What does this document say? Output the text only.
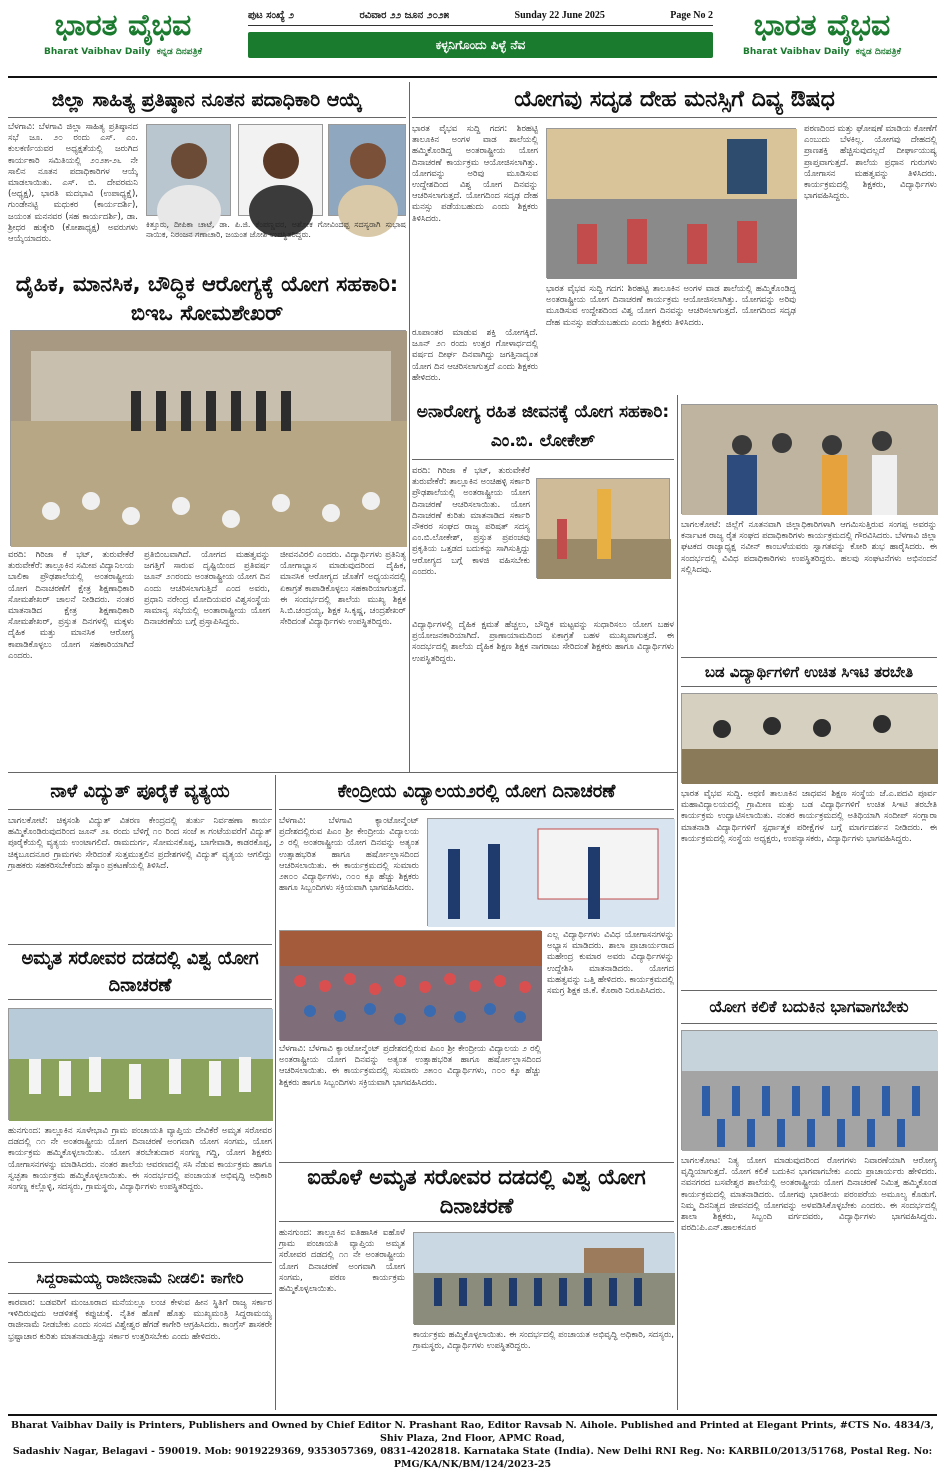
ಭಾರತ ವೈಭವ
Bharat Vaibhav Daily ಕನ್ನಡ ದಿನಪತ್ರಿಕೆ
ಪುಟ ಸಂಖ್ಯೆ ೨	ರವಿವಾರ ೨೨ ಜೂನ ೨೦೨೫	Sunday 22 June 2025	Page No 2
ಕಳ್ಳನಿಗೊಂದು ಪಿಳ್ಳೆ ನೆವ
ಭಾರತ ವೈಭವ
Bharat Vaibhav Daily ಕನ್ನಡ ದಿನಪತ್ರಿಕೆ
ಜಿಲ್ಲಾ ಸಾಹಿತ್ಯ ಪ್ರತಿಷ್ಠಾನ ನೂತನ ಪದಾಧಿಕಾರಿ ಆಯ್ಕೆ
ಬೆಳಗಾವಿ: ಬೆಳಗಾವಿ ಜಿಲ್ಲಾ ಸಾಹಿತ್ಯ ಪ್ರತಿಷ್ಠಾನದ ಸಭೆ ಜೂ. ೨೦ ರಂದು ಎಸ್. ಎಂ. ಕುಲಕರ್ಣಿಯವರ ಅಧ್ಯಕ್ಷತೆಯಲ್ಲಿ ಜರುಗಿದ ಕಾರ್ಯಕಾರಿ ಸಮಿತಿಯಲ್ಲಿ ೨೦೨೫-೨೬ ನೇ ಸಾಲಿನ ನೂತನ ಪದಾಧಿಕಾರಿಗಳ ಆಯ್ಕೆ ಮಾಡಲಾಯಿತು. ಎಸ್. ಬಿ. ದೇವರಮನಿ (ಅಧ್ಯಕ್ಷ), ಭಾರತಿ ಮದಭಾವಿ (ಉಪಾಧ್ಯಕ್ಷೆ), ಗುಂಡೇನಟ್ಟಿ ಮಧುಕರ (ಕಾರ್ಯದರ್ಶಿ), ಜಯಂತ ಮನನವರ (ಸಹ ಕಾರ್ಯದರ್ಶಿ), ಡಾ. ಶ್ರೀಧರ ಹುಕ್ಕೇರಿ (ಕೋಶಾಧ್ಯಕ್ಷ) ಅವರುಗಳು ಆಯ್ಕೆಯಾದರು.
ಕಿತ್ತೂರು, ದೀಪಿಕಾ ಚಾಟೆ, ಡಾ. ಪಿ.ಜಿ. ಕೆಂಪಣ್ಣವರ, ಅಶೋಕ ಗೋವಿಂದಪ್ಪ ಸದಸ್ಯರಾಗಿ ಸುಭಾಷ ನಾಯಿಕ, ನಿರಂಜನ ಗಣಾಚಾರಿ, ಜಯಂತ ಜೋಶಿ ಉಪಸ್ಥಿತರಿದ್ದರು.
ದೈಹಿಕ, ಮಾನಸಿಕ, ಬೌದ್ಧಿಕ ಆರೋಗ್ಯಕ್ಕೆ ಯೋಗ ಸಹಕಾರಿ: ಬಿಇಒ ಸೋಮಶೇಖರ್
ವರದಿ: ಗಿರಿಜಾ ಕೆ ಭಟ್, ತುರುವೇಕೆರೆ ತುರುವೇಕೆರೆ: ತಾಲ್ಲೂಕಿನ ಸಮೀಪ ವಿದ್ಯಾನಿಲಯ ಬಾಲಿಕಾ ಪ್ರೌಢಶಾಲೆಯಲ್ಲಿ ಅಂತರಾಷ್ಟ್ರೀಯ ಯೋಗ ದಿನಾಚರಣೆಗೆ ಕ್ಷೇತ್ರ ಶಿಕ್ಷಣಾಧಿಕಾರಿ ಸೋಮಶೇಖರ್ ಚಾಲನೆ ನೀಡಿದರು. ನಂತರ ಮಾತನಾಡಿದ ಕ್ಷೇತ್ರ ಶಿಕ್ಷಣಾಧಿಕಾರಿ ಸೋಮಶೇಖರ್, ಪ್ರಸ್ತುತ ದಿನಗಳಲ್ಲಿ ಮಕ್ಕಳು ದೈಹಿಕ ಮತ್ತು ಮಾನಸಿಕ ಆರೋಗ್ಯ ಕಾಪಾಡಿಕೊಳ್ಳಲು ಯೋಗ ಸಹಕಾರಿಯಾಗಿದೆ ಎಂದರು.
ಪ್ರತಿಬಿಂಬವಾಗಿದೆ. ಯೋಗದ ಮಹತ್ವವನ್ನು ಜಗತ್ತಿಗೆ ಸಾರುವ ದೃಷ್ಟಿಯಿಂದ ಪ್ರತಿವರ್ಷ ಜೂನ್ ೨೧ರಂದು ಅಂತರಾಷ್ಟ್ರೀಯ ಯೋಗ ದಿನ ಎಂದು ಆಚರಿಸಲಾಗುತ್ತಿದೆ ಎಂದ ಅವರು, ಪ್ರಧಾನಿ ನರೇಂದ್ರ ಮೋದಿಯವರ ವಿಶ್ವಸಂಸ್ಥೆಯ ಸಾಮಾನ್ಯ ಸಭೆಯಲ್ಲಿ ಅಂತಾರಾಷ್ಟ್ರೀಯ ಯೋಗ ದಿನಾಚರಣೆಯ ಬಗ್ಗೆ ಪ್ರಸ್ತಾಪಿಸಿದ್ದರು.
ಜೀವನವಿರಲಿ ಎಂದರು. ವಿದ್ಯಾರ್ಥಿಗಳು ಪ್ರತಿನಿತ್ಯ ಯೋಗಾಭ್ಯಾಸ ಮಾಡುವುದರಿಂದ ದೈಹಿಕ, ಮಾನಸಿಕ ಆರೋಗ್ಯದ ಜೊತೆಗೆ ಅಧ್ಯಯನದಲ್ಲಿ ಏಕಾಗ್ರತೆ ಕಾಪಾಡಿಕೊಳ್ಳಲು ಸಹಕಾರಿಯಾಗುತ್ತದೆ. ಈ ಸಂದರ್ಭದಲ್ಲಿ ಶಾಲೆಯ ಮುಖ್ಯ ಶಿಕ್ಷಕ ಸಿ.ಬಿ.ಚಂದ್ರಯ್ಯ, ಶಿಕ್ಷಕ ಸಿ.ಕೃಷ್ಣ, ಚಂದ್ರಶೇಖರ್ ಸೇರಿದಂತೆ ವಿದ್ಯಾರ್ಥಿಗಳು ಉಪಸ್ಥಿತರಿದ್ದರು.
ಯೋಗವು ಸದೃಡ ದೇಹ ಮನಸ್ಸಿಗೆ ದಿವ್ಯ ಔಷಧ
ಭಾರತ ವೈಭವ ಸುದ್ದಿ ಗದಗ: ಶಿರಹಟ್ಟಿ ತಾಲೂಕಿನ ಅಂಗಳ ವಾಡ ಶಾಲೆಯಲ್ಲಿ ಹಮ್ಮಿಕೊಂಡಿದ್ದ ಅಂತರಾಷ್ಟ್ರೀಯ ಯೋಗ ದಿನಾಚರಣೆ ಕಾರ್ಯಕ್ರಮ ಆಯೋಜಿಸಲಾಗಿತ್ತು. ಯೋಗವನ್ನು ಅರಿವು ಮೂಡಿಸುವ ಉದ್ದೇಶದಿಂದ ವಿಶ್ವ ಯೋಗ ದಿನವನ್ನು ಆಚರಿಸಲಾಗುತ್ತದೆ. ಯೋಗದಿಂದ ಸದೃಢ ದೇಹ ಮನಸ್ಸು ಪಡೆಯಬಹುದು ಎಂದು ಶಿಕ್ಷಕರು ತಿಳಿಸಿದರು.
ಪಠಣದಿಂದ ಮತ್ತು ಘೋಷಣೆ ಮಾಡಿಯ ಕೋಣೆಗೆ ಎಂಬುದು ಬೆಳಕಿಲ್ಲ. ಯೋಗವು ದೇಹದಲ್ಲಿ ಪ್ರಾಣಶಕ್ತಿ ಹೆಚ್ಚಿಸುವುದಲ್ಲದೆ ದೀರ್ಘಾಯುಷ್ಯ ಪ್ರಾಪ್ತವಾಗುತ್ತದೆ. ಶಾಲೆಯ ಪ್ರಧಾನ ಗುರುಗಳು ಯೋಗಾಸನ ಮಹತ್ವವನ್ನು ತಿಳಿಸಿದರು. ಕಾರ್ಯಕ್ರಮದಲ್ಲಿ ಶಿಕ್ಷಕರು, ವಿದ್ಯಾರ್ಥಿಗಳು ಭಾಗವಹಿಸಿದ್ದರು.
ರೂಪಾಂತರ ಮಾಡುವ ಶಕ್ತಿ ಯೋಗಕ್ಕಿದೆ. ಜೂನ್ ೨೧ ರಂದು ಉತ್ತರ ಗೋಳಾರ್ಧದಲ್ಲಿ ವರ್ಷದ ದೀರ್ಘ ದಿನವಾಗಿದ್ದು ಜಗತ್ತಿನಾದ್ಯಂತ ಯೋಗ ದಿನ ಆಚರಿಸಲಾಗುತ್ತದೆ ಎಂದು ಶಿಕ್ಷಕರು ಹೇಳಿದರು.
ಭಾರತ ವೈಭವ ಸುದ್ದಿ ಗದಗ: ಶಿರಹಟ್ಟಿ ತಾಲೂಕಿನ ಅಂಗಳ ವಾಡ ಶಾಲೆಯಲ್ಲಿ ಹಮ್ಮಿಕೊಂಡಿದ್ದ ಅಂತರಾಷ್ಟ್ರೀಯ ಯೋಗ ದಿನಾಚರಣೆ ಕಾರ್ಯಕ್ರಮ ಆಯೋಜಿಸಲಾಗಿತ್ತು. ಯೋಗವನ್ನು ಅರಿವು ಮೂಡಿಸುವ ಉದ್ದೇಶದಿಂದ ವಿಶ್ವ ಯೋಗ ದಿನವನ್ನು ಆಚರಿಸಲಾಗುತ್ತದೆ. ಯೋಗದಿಂದ ಸದೃಢ ದೇಹ ಮನಸ್ಸು ಪಡೆಯಬಹುದು ಎಂದು ಶಿಕ್ಷಕರು ತಿಳಿಸಿದರು.
ಅನಾರೋಗ್ಯ ರಹಿತ ಜೀವನಕ್ಕೆ ಯೋಗ ಸಹಕಾರಿ: ಎಂ.ಬಿ. ಲೋಕೇಶ್
ವರದಿ: ಗಿರಿಜಾ ಕೆ ಭಟ್, ತುರುವೇಕೆರೆ ತುರುವೇಕೆರೆ: ತಾಲ್ಲೂಕಿನ ಅಂಚಿಹಳ್ಳಿ ಸರ್ಕಾರಿ ಪ್ರೌಢಶಾಲೆಯಲ್ಲಿ ಅಂತರಾಷ್ಟ್ರೀಯ ಯೋಗ ದಿನಾಚರಣೆ ಆಚರಿಸಲಾಯಿತು. ಯೋಗ ದಿನಾಚರಣೆ ಕುರಿತು ಮಾತನಾಡಿದ ಸರ್ಕಾರಿ ನೌಕರರ ಸಂಘದ ರಾಜ್ಯ ಪರಿಷತ್ ಸದಸ್ಯ ಎಂ.ಬಿ.ಲೋಕೇಶ್, ಪ್ರಸ್ತುತ ಪ್ರಪಂಚವು ಪ್ರಕೃತಿಯ ಒತ್ತಡದ ಬದುಕನ್ನು ಸಾಗಿಸುತ್ತಿದ್ದು ಆರೋಗ್ಯದ ಬಗ್ಗೆ ಕಾಳಜಿ ವಹಿಸಬೇಕು ಎಂದರು.
ವಿದ್ಯಾರ್ಥಿಗಳಲ್ಲಿ ದೈಹಿಕ ಕ್ಷಮತೆ ಹೆಚ್ಚಲು, ಬೌದ್ಧಿಕ ಮಟ್ಟವನ್ನು ಸುಧಾರಿಸಲು ಯೋಗ ಬಹಳ ಪ್ರಯೋಜನಕಾರಿಯಾಗಿದೆ. ಪ್ರಾಣಾಯಾಮದಿಂದ ಏಕಾಗ್ರತೆ ಬಹಳ ಮುಖ್ಯವಾಗುತ್ತದೆ. ಈ ಸಂದರ್ಭದಲ್ಲಿ ಶಾಲೆಯ ದೈಹಿಕ ಶಿಕ್ಷಣ ಶಿಕ್ಷಕ ನಾಗರಾಜು ಸೇರಿದಂತೆ ಶಿಕ್ಷಕರು ಹಾಗೂ ವಿದ್ಯಾರ್ಥಿಗಳು ಉಪಸ್ಥಿತರಿದ್ದರು.
ಬಾಗಲಕೋಟೆ: ಜಿಲ್ಲೆಗೆ ನೂತನವಾಗಿ ಜಿಲ್ಲಾಧಿಕಾರಿಗಳಾಗಿ ಆಗಮಿಸುತ್ತಿರುವ ಸಂಗಪ್ಪ ಅವರನ್ನು ಕರ್ನಾಟಕ ರಾಜ್ಯ ರೈತ ಸಂಘದ ಪದಾಧಿಕಾರಿಗಳು ಕಾರ್ಯಕ್ರಮದಲ್ಲಿ ಗೌರವಿಸಿದರು. ಬೆಳಗಾವಿ ಜಿಲ್ಲಾ ಘಟಕದ ರಾಜ್ಯಾಧ್ಯಕ್ಷ ನವೀನ್ ಕಾಂಬಳೆಯವರು ಸ್ವಾಗತವನ್ನು ಕೋರಿ ಶುಭ ಹಾರೈಸಿದರು. ಈ ಸಂದರ್ಭದಲ್ಲಿ ವಿವಿಧ ಪದಾಧಿಕಾರಿಗಳು ಉಪಸ್ಥಿತರಿದ್ದರು. ಹಲವು ಸಂಘಟನೆಗಳು ಅಭಿನಂದನೆ ಸಲ್ಲಿಸಿದವು.
ಬಡ ವಿದ್ಯಾರ್ಥಿಗಳಿಗೆ ಉಚಿತ ಸಿಇಟಿ ತರಬೇತಿ
ಭಾರತ ವೈಭವ ಸುದ್ದಿ. ಅಥಣಿ ತಾಲೂಕಿನ ಜಾಧವನ ಶಿಕ್ಷಣ ಸಂಸ್ಥೆಯ ಜೆ.ಎ.ಪದವಿ ಪೂರ್ವ ಮಹಾವಿದ್ಯಾಲಯದಲ್ಲಿ ಗ್ರಾಮೀಣ ಮತ್ತು ಬಡ ವಿದ್ಯಾರ್ಥಿಗಳಿಗೆ ಉಚಿತ ಸಿಇಟಿ ತರಬೇತಿ ಕಾರ್ಯಕ್ರಮ ಉದ್ಘಾಟಿಸಲಾಯಿತು. ನಂತರ ಕಾರ್ಯಕ್ರಮದಲ್ಲಿ ಅತಿಥಿಯಾಗಿ ಸಂದೀಪ್ ಸಂಗ್ಲಾರಾ ಮಾತನಾಡಿ ವಿದ್ಯಾರ್ಥಿಗಳಿಗೆ ಸ್ಪರ್ಧಾತ್ಮಕ ಪರೀಕ್ಷೆಗಳ ಬಗ್ಗೆ ಮಾರ್ಗದರ್ಶನ ನೀಡಿದರು. ಈ ಕಾರ್ಯಕ್ರಮದಲ್ಲಿ ಸಂಸ್ಥೆಯ ಅಧ್ಯಕ್ಷರು, ಉಪನ್ಯಾಸಕರು, ವಿದ್ಯಾರ್ಥಿಗಳು ಭಾಗವಹಿಸಿದ್ದರು.
ಯೋಗ ಕಲಿಕೆ ಬದುಕಿನ ಭಾಗವಾಗಬೇಕು
ಬಾಗಲಕೋಟ: ನಿತ್ಯ ಯೋಗ ಮಾಡುವುದರಿಂದ ರೋಗಗಳು ನಿವಾರಣೆಯಾಗಿ ಆರೋಗ್ಯ ವೃದ್ಧಿಯಾಗುತ್ತದೆ. ಯೋಗ ಕಲಿಕೆ ಬದುಕಿನ ಭಾಗವಾಗಬೇಕು ಎಂದು ಪ್ರಾಚಾರ್ಯರು ಹೇಳಿದರು. ನವನಗರದ ಬಸವೇಶ್ವರ ಶಾಲೆಯಲ್ಲಿ ಅಂತರಾಷ್ಟ್ರೀಯ ಯೋಗ ದಿನಾಚರಣೆ ನಿಮಿತ್ತ ಹಮ್ಮಿಕೊಂಡ ಕಾರ್ಯಕ್ರಮದಲ್ಲಿ ಮಾತನಾಡಿದರು. ಯೋಗವು ಭಾರತೀಯ ಪರಂಪರೆಯ ಅಮೂಲ್ಯ ಕೊಡುಗೆ. ನಿಮ್ಮ ದಿನನಿತ್ಯದ ಜೀವನದಲ್ಲಿ ಯೋಗವನ್ನು ಅಳವಡಿಸಿಕೊಳ್ಳಬೇಕು ಎಂದರು. ಈ ಸಂದರ್ಭದಲ್ಲಿ ಶಾಲಾ ಶಿಕ್ಷಕರು, ಸಿಬ್ಬಂದಿ ವರ್ಗದವರು, ವಿದ್ಯಾರ್ಥಿಗಳು ಭಾಗವಹಿಸಿದ್ದರು. ವರದಿ:ಪಿ.ಎನ್.ಹಾಲಕನೂರ
ನಾಳೆ ವಿದ್ಯುತ್ ಪೂರೈಕೆ ವ್ಯತ್ಯಯ
ಬಾಗಲಕೋಟೆ: ಚಿಕ್ಕಸಂಶಿ ವಿದ್ಯುತ್ ವಿತರಣ ಕೇಂದ್ರದಲ್ಲಿ ತುರ್ತು ನಿರ್ವಹಣಾ ಕಾರ್ಯ ಹಮ್ಮಿಕೊಂಡಿರುವುದರಿಂದ ಜೂನ್ ೨೩ ರಂದು ಬೆಳಿಗ್ಗೆ ೧೦ ರಿಂದ ಸಂಜೆ ೫ ಗಂಟೆಯವರೆಗೆ ವಿದ್ಯುತ್ ಪೂರೈಕೆಯಲ್ಲಿ ವ್ಯತ್ಯಯ ಉಂಟಾಗಲಿದೆ. ರಾಮದುರ್ಗ, ಸೋಮನಕೊಪ್ಪ, ಬಾಗೇವಾಡಿ, ಕಾಡರಕೊಪ್ಪ, ಚಿಕ್ಕಬೂದನೂರ ಗ್ರಾಮಗಳು ಸೇರಿದಂತೆ ಸುತ್ತಮುತ್ತಲಿನ ಪ್ರದೇಶಗಳಲ್ಲಿ ವಿದ್ಯುತ್ ವ್ಯತ್ಯಯ ಆಗಲಿದ್ದು ಗ್ರಾಹಕರು ಸಹಕರಿಸಬೇಕೆಂದು ಹೆಸ್ಕಾಂ ಪ್ರಕಟಣೆಯಲ್ಲಿ ತಿಳಿಸಿದೆ.
ಅಮೃತ ಸರೋವರ ದಡದಲ್ಲಿ ವಿಶ್ವ ಯೋಗ ದಿನಾಚರಣೆ
ಹುನಗುಂದ: ತಾಲ್ಲೂಕಿನ ಸೂಳೇಭಾವಿ ಗ್ರಾಮ ಪಂಚಾಯತಿ ವ್ಯಾಪ್ತಿಯ ದೇವಿಕೆರೆ ಅಮೃತ ಸರೋವರ ದಡದಲ್ಲಿ ೧೧ ನೇ ಅಂತರಾಷ್ಟ್ರೀಯ ಯೋಗ ದಿನಾಚರಣೆ ಅಂಗವಾಗಿ ಯೋಗ ಸಂಗಮ, ಯೋಗ ಕಾರ್ಯಕ್ರಮ ಹಮ್ಮಿಕೊಳ್ಳಲಾಯಿತು. ಯೋಗ ತರಬೇತುದಾರ ಸಂಗಣ್ಣ ಗದ್ದಿ, ಯೋಗ ಶಿಕ್ಷಕರು ಯೋಗಾಸನಗಳನ್ನು ಮಾಡಿಸಿದರು. ನಂತರ ಶಾಲೆಯ ಆವರಣದಲ್ಲಿ ಸಸಿ ನೆಡುವ ಕಾರ್ಯಕ್ರಮ ಹಾಗೂ ಸ್ವಚ್ಛತಾ ಕಾರ್ಯಕ್ರಮ ಹಮ್ಮಿಕೊಳ್ಳಲಾಯಿತು. ಈ ಸಂದರ್ಭದಲ್ಲಿ ಪಂಚಾಯತ ಅಭಿವೃದ್ಧಿ ಅಧಿಕಾರಿ ಸಂಗಣ್ಣ ಕಲ್ಲೊಳ್ಳಿ, ಸದಸ್ಯರು, ಗ್ರಾಮಸ್ಥರು, ವಿದ್ಯಾರ್ಥಿಗಳು ಉಪಸ್ಥಿತರಿದ್ದರು.
ಸಿದ್ದರಾಮಯ್ಯ ರಾಜೀನಾಮೆ ನೀಡಲಿ: ಕಾಗೇರಿ
ಕಾರವಾರ: ಬಡವರಿಗೆ ಮಂಜೂರಾದ ಮನೆಯಲ್ಲೂ ಲಂಚ ಕೇಳುವ ಹೀನ ಸ್ಥಿತಿಗೆ ರಾಜ್ಯ ಸರ್ಕಾರ ಇಳಿದಿರುವುದು ಆಡಳಿತಕ್ಕೆ ಕಪ್ಪುಚುಕ್ಕೆ. ನೈತಿಕ ಹೊಣೆ ಹೊತ್ತು ಮುಖ್ಯಮಂತ್ರಿ ಸಿದ್ದರಾಮಯ್ಯ ರಾಜೀನಾಮೆ ನೀಡಬೇಕು ಎಂದು ಸಂಸದ ವಿಶ್ವೇಶ್ವರ ಹೆಗಡೆ ಕಾಗೇರಿ ಆಗ್ರಹಿಸಿದರು. ಕಾಂಗ್ರೆಸ್ ಶಾಸಕರೇ ಭ್ರಷ್ಟಾಚಾರ ಕುರಿತು ಮಾತನಾಡುತ್ತಿದ್ದು ಸರ್ಕಾರ ಉತ್ತರಿಸಬೇಕು ಎಂದು ಹೇಳಿದರು.
ಕೇಂದ್ರೀಯ ವಿದ್ಯಾಲಯ೨ರಲ್ಲಿ ಯೋಗ ದಿನಾಚರಣೆ
ಬೆಳಗಾವಿ: ಬೆಳಗಾವಿ ಕ್ಯಾಂಟೋನ್ಮೆಂಟ್ ಪ್ರದೇಶದಲ್ಲಿರುವ ಪಿಎಂ ಶ್ರೀ ಕೇಂದ್ರೀಯ ವಿದ್ಯಾಲಯ ೨ ರಲ್ಲಿ ಅಂತರಾಷ್ಟ್ರೀಯ ಯೋಗ ದಿನವನ್ನು ಅತ್ಯಂತ ಉತ್ಸಾಹಭರಿತ ಹಾಗೂ ಹರ್ಷೋಲ್ಲಾಸದಿಂದ ಆಚರಿಸಲಾಯಿತು. ಈ ಕಾರ್ಯಕ್ರಮದಲ್ಲಿ ಸುಮಾರು ೨೫೦೦ ವಿದ್ಯಾರ್ಥಿಗಳು, ೧೦೦ ಕ್ಕೂ ಹೆಚ್ಚು ಶಿಕ್ಷಕರು ಹಾಗೂ ಸಿಬ್ಬಂದಿಗಳು ಸಕ್ರಿಯವಾಗಿ ಭಾಗವಹಿಸಿದರು.
ಎಲ್ಲ ವಿದ್ಯಾರ್ಥಿಗಳು ವಿವಿಧ ಯೋಗಾಸನಗಳನ್ನು ಅಭ್ಯಾಸ ಮಾಡಿದರು. ಶಾಲಾ ಪ್ರಾಚಾರ್ಯರಾದ ಮಹೇಂದ್ರ ಕುಮಾರ ಅವರು ವಿದ್ಯಾರ್ಥಿಗಳನ್ನು ಉದ್ದೇಶಿಸಿ ಮಾತನಾಡಿದರು. ಯೋಗದ ಮಹತ್ವವನ್ನು ಒತ್ತಿ ಹೇಳಿದರು. ಕಾರ್ಯಕ್ರಮದಲ್ಲಿ ಸಮಗ್ರ ಶಿಕ್ಷಕ ಜಿ.ಕೆ. ಕೊಠಾರಿ ನಿರೂಪಿಸಿದರು.
ಬೆಳಗಾವಿ: ಬೆಳಗಾವಿ ಕ್ಯಾಂಟೋನ್ಮೆಂಟ್ ಪ್ರದೇಶದಲ್ಲಿರುವ ಪಿಎಂ ಶ್ರೀ ಕೇಂದ್ರೀಯ ವಿದ್ಯಾಲಯ ೨ ರಲ್ಲಿ ಅಂತರಾಷ್ಟ್ರೀಯ ಯೋಗ ದಿನವನ್ನು ಅತ್ಯಂತ ಉತ್ಸಾಹಭರಿತ ಹಾಗೂ ಹರ್ಷೋಲ್ಲಾಸದಿಂದ ಆಚರಿಸಲಾಯಿತು. ಈ ಕಾರ್ಯಕ್ರಮದಲ್ಲಿ ಸುಮಾರು ೨೫೦೦ ವಿದ್ಯಾರ್ಥಿಗಳು, ೧೦೦ ಕ್ಕೂ ಹೆಚ್ಚು ಶಿಕ್ಷಕರು ಹಾಗೂ ಸಿಬ್ಬಂದಿಗಳು ಸಕ್ರಿಯವಾಗಿ ಭಾಗವಹಿಸಿದರು.
ಐಹೊಳೆ ಅಮೃತ ಸರೋವರ ದಡದಲ್ಲಿ ವಿಶ್ವ ಯೋಗ ದಿನಾಚರಣೆ
ಹುನಗುಂದ: ತಾಲ್ಲೂಕಿನ ಐತಿಹಾಸಿಕ ಐಹೊಳೆ ಗ್ರಾಮ ಪಂಚಾಯತಿ ವ್ಯಾಪ್ತಿಯ ಅಮೃತ ಸರೋವರ ದಡದಲ್ಲಿ ೧೧ ನೇ ಅಂತರಾಷ್ಟ್ರೀಯ ಯೋಗ ದಿನಾಚರಣೆ ಅಂಗವಾಗಿ ಯೋಗ ಸಂಗಮ, ಪಠಣ ಕಾರ್ಯಕ್ರಮ ಹಮ್ಮಿಕೊಳ್ಳಲಾಯಿತು.
ಕಾರ್ಯಕ್ರಮ ಹಮ್ಮಿಕೊಳ್ಳಲಾಯಿತು. ಈ ಸಂದರ್ಭದಲ್ಲಿ ಪಂಚಾಯತ ಅಭಿವೃದ್ಧಿ ಅಧಿಕಾರಿ, ಸದಸ್ಯರು, ಗ್ರಾಮಸ್ಥರು, ವಿದ್ಯಾರ್ಥಿಗಳು ಉಪಸ್ಥಿತರಿದ್ದರು.
Bharat Vaibhav Daily is Printers, Publishers and Owned by Chief Editor N. Prashant Rao, Editor Ravsab N. Aihole. Published and Printed at Elegant Prints, #CTS No. 4834/3, Shiv Plaza, 2nd Floor, APMC Road,
Sadashiv Nagar, Belagavi - 590019. Mob: 9019229369, 9353057369, 0831-4202818. Karnataka State (India). New Delhi RNI Reg. No: KARBIL0/2013/51768, Postal Reg. No: PMG/KA/NK/BM/124/2023-25
